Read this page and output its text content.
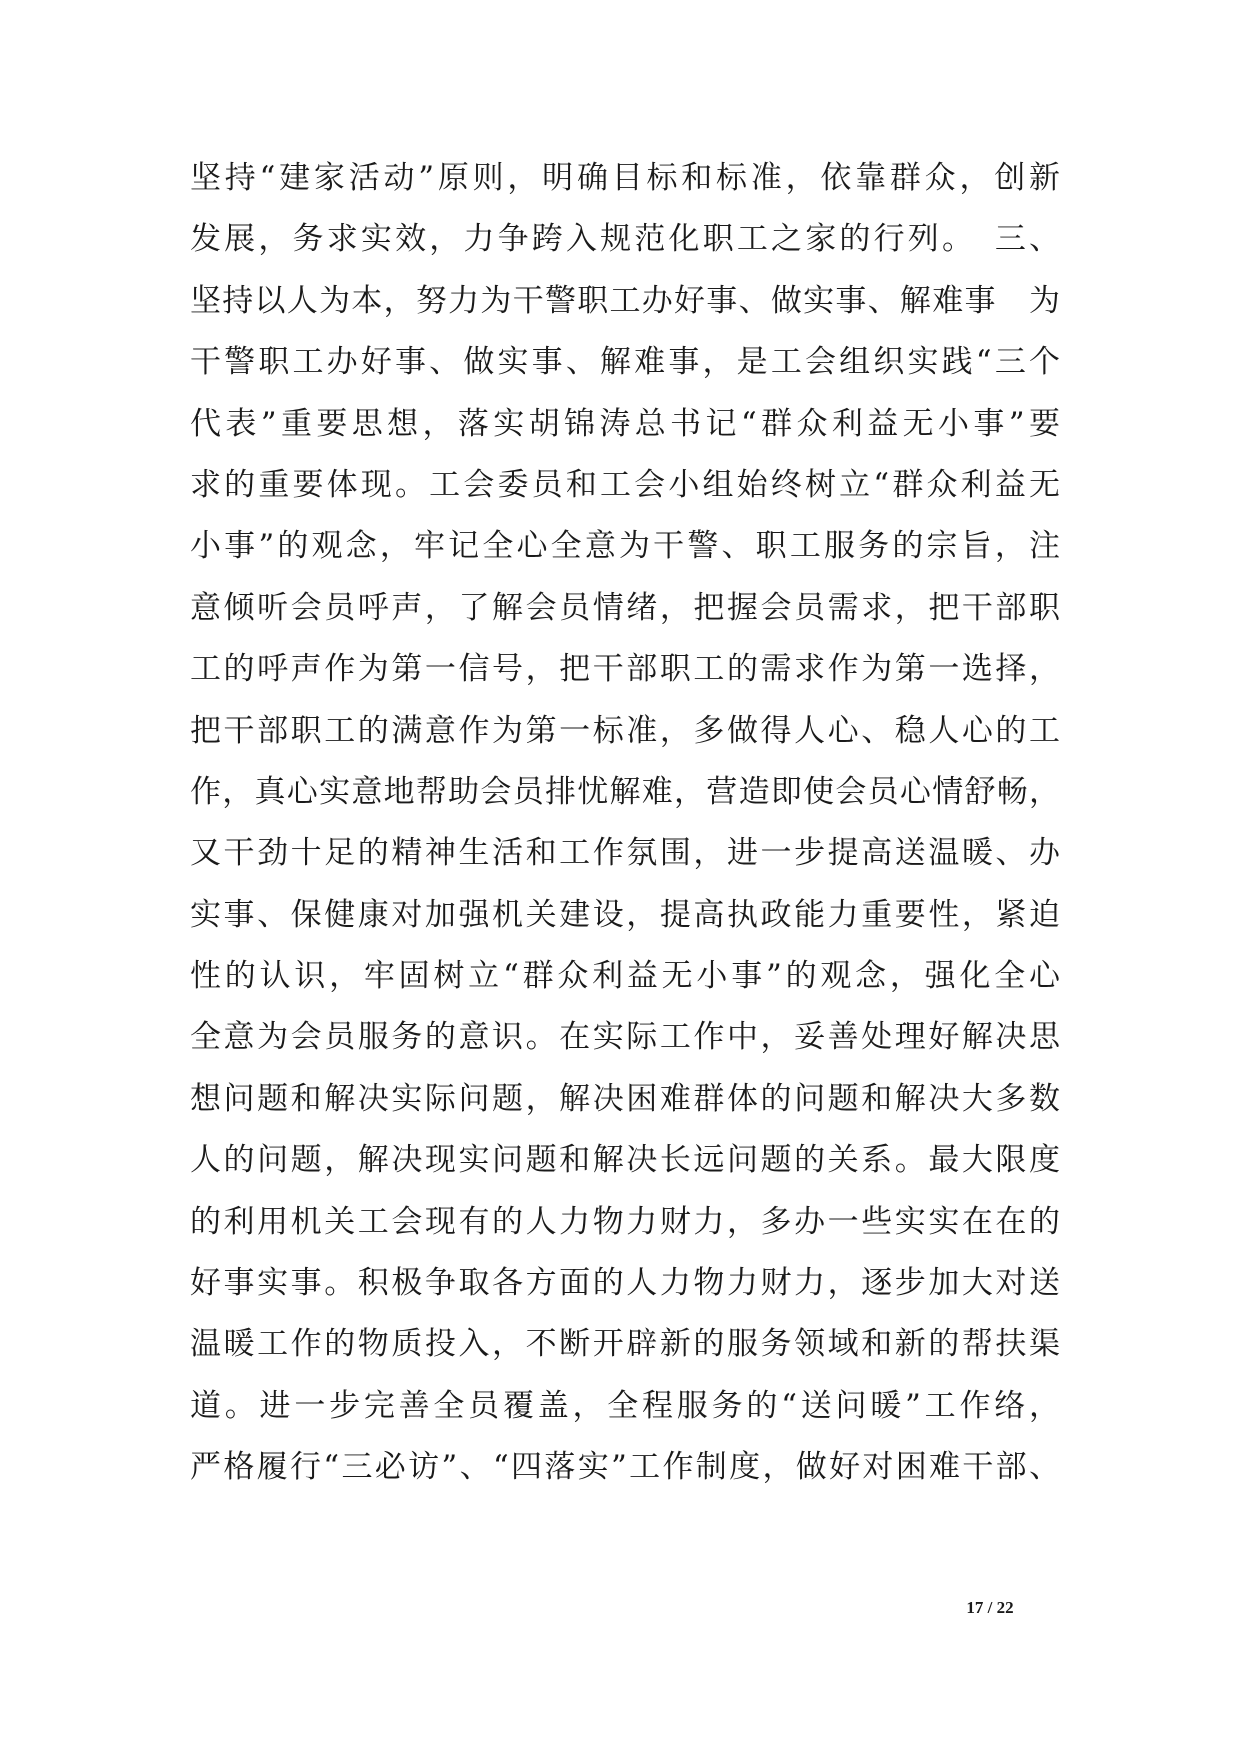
坚持“建家活动”原则，明确目标和标准，依靠群众，创新
发展，务求实效，力争跨入规范化职工之家的行列。　三、
坚持以人为本，努力为干警职工办好事、做实事、解难事　为
干警职工办好事、做实事、解难事，是工会组织实践“三个
代表”重要思想，落实胡锦涛总书记“群众利益无小事”要
求的重要体现。工会委员和工会小组始终树立“群众利益无
小事”的观念，牢记全心全意为干警、职工服务的宗旨，注
意倾听会员呼声，了解会员情绪，把握会员需求，把干部职
工的呼声作为第一信号，把干部职工的需求作为第一选择，
把干部职工的满意作为第一标准，多做得人心、稳人心的工
作，真心实意地帮助会员排忧解难，营造即使会员心情舒畅，
又干劲十足的精神生活和工作氛围，进一步提高送温暖、办
实事、保健康对加强机关建设，提高执政能力重要性，紧迫
性的认识，牢固树立“群众利益无小事”的观念，强化全心
全意为会员服务的意识。在实际工作中，妥善处理好解决思
想问题和解决实际问题，解决困难群体的问题和解决大多数
人的问题，解决现实问题和解决长远问题的关系。最大限度
的利用机关工会现有的人力物力财力，多办一些实实在在的
好事实事。积极争取各方面的人力物力财力，逐步加大对送
温暖工作的物质投入，不断开辟新的服务领域和新的帮扶渠
道。进一步完善全员覆盖，全程服务的“送问暖”工作络，
严格履行“三必访”、“四落实”工作制度，做好对困难干部、
17 / 22
